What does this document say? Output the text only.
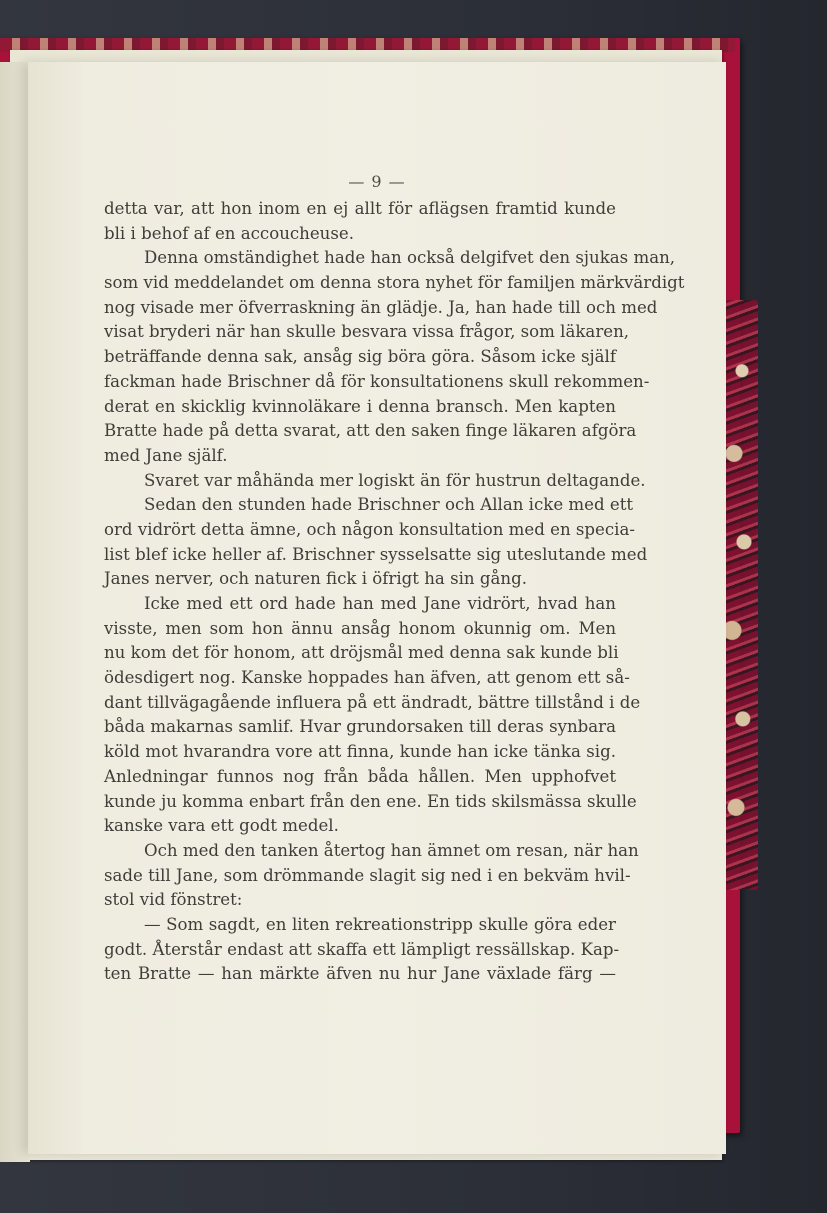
— 9 —
detta var, att hon inom en ej allt för aflägsen framtid kunde
bli i behof af en accoucheuse.
Denna omständighet hade han också delgifvet den sjukas man,
som vid meddelandet om denna stora nyhet för familjen märkvärdigt
nog visade mer öfverraskning än glädje. Ja, han hade till och med
visat bryderi när han skulle besvara vissa frågor, som läkaren,
beträffande denna sak, ansåg sig böra göra. Såsom icke själf
fackman hade Brischner då för konsultationens skull rekommen-
derat en skicklig kvinnoläkare i denna bransch. Men kapten
Bratte hade på detta svarat, att den saken finge läkaren afgöra
med Jane själf.
Svaret var måhända mer logiskt än för hustrun deltagande.
Sedan den stunden hade Brischner och Allan icke med ett
ord vidrört detta ämne, och någon konsultation med en specia-
list blef icke heller af. Brischner sysselsatte sig uteslutande med
Janes nerver, och naturen fick i öfrigt ha sin gång.
Icke med ett ord hade han med Jane vidrört, hvad han
visste, men som hon ännu ansåg honom okunnig om. Men
nu kom det för honom, att dröjsmål med denna sak kunde bli
ödesdigert nog. Kanske hoppades han äfven, att genom ett så-
dant tillvägagående influera på ett ändradt, bättre tillstånd i de
båda makarnas samlif. Hvar grundorsaken till deras synbara
köld mot hvarandra vore att finna, kunde han icke tänka sig.
Anledningar funnos nog från båda hållen. Men upphofvet
kunde ju komma enbart från den ene. En tids skilsmässa skulle
kanske vara ett godt medel.
Och med den tanken återtog han ämnet om resan, när han
sade till Jane, som drömmande slagit sig ned i en bekväm hvil-
stol vid fönstret:
— Som sagdt, en liten rekreationstripp skulle göra eder
godt. Återstår endast att skaffa ett lämpligt ressällskap. Kap-
ten Bratte — han märkte äfven nu hur Jane växlade färg —
